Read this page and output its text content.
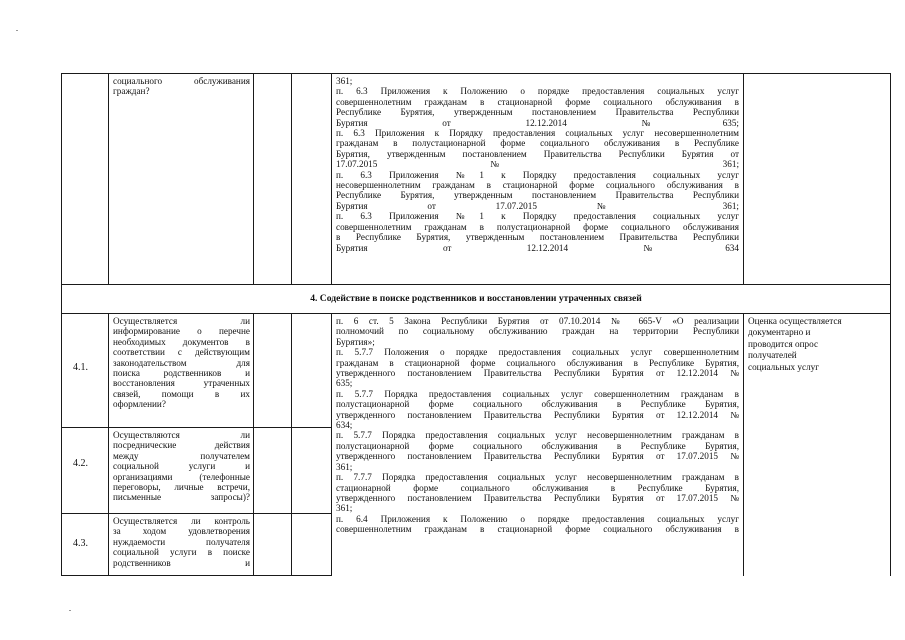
социального обслуживания
граждан?
361;
п. 6.3 Приложения к Положению о порядке предоставления социальных услуг
совершеннолетним гражданам в стационарной форме социального обслуживания в
Республике Бурятия, утвержденным постановлением Правительства Республики
Бурятия от 12.12.2014 №635;
п. 6.3 Приложения к Порядку предоставления социальных услуг несовершеннолетним
гражданам в полустационарной форме социального обслуживания в Республике
Бурятия, утвержденным постановлением Правительства Республики Бурятия от
17.07.2015 № 361;
п. 6.3 Приложения №1 к Порядку предоставления социальных услуг
несовершеннолетним гражданам в стационарной форме социального обслуживания в
Республике Бурятия, утвержденным постановлением Правительства Республики
Бурятия от 17.07.2015 № 361;
п. 6.3 Приложения №1 к Порядку предоставления социальных услуг
совершеннолетним гражданам в полустационарной форме социального обслуживания
в Республике Бурятия, утвержденным постановлением Правительства Республики
Бурятия от 12.12.2014 №634
4. Содействие в поиске родственников и восстановлении утраченных связей
4.1.
4.2.
4.3.
Осуществляется ли
информирование о перечне
необходимых документов в
соответствии с действующим
законодательством для
поиска родственников и
восстановления утраченных
связей, помощи в их
оформлении?
Осуществляются ли
посреднические действия
между получателем
социальной услуги и
организациями (телефонные
переговоры, личные встречи,
письменные запросы)?
Осуществляется ли контроль
за ходом удовлетворения
нуждаемости получателя
социальной услуги в поиске
родственников и
п. 6 ст. 5 Закона Республики Бурятия от 07.10.2014 № 665-V «О реализации
полномочий по социальному обслуживанию граждан на территории Республики
Бурятия»;
п. 5.7.7 Положения о порядке предоставления социальных услуг совершеннолетним
гражданам в стационарной форме социального обслуживания в Республике Бурятия,
утвержденного постановлением Правительства Республики Бурятия от 12.12.2014 №
635;
п. 5.7.7 Порядка предоставления социальных услуг совершеннолетним гражданам в
полустационарной форме социального обслуживания в Республике Бурятия,
утвержденного постановлением Правительства Республики Бурятия от 12.12.2014 №
634;
п. 5.7.7 Порядка предоставления социальных услуг несовершеннолетним гражданам в
полустационарной форме социального обслуживания в Республике Бурятия,
утвержденного постановлением Правительства Республики Бурятия от 17.07.2015 №
361;
п. 7.7.7 Порядка предоставления социальных услуг несовершеннолетним гражданам в
стационарной форме социального обслуживания в Республике Бурятия,
утвержденного постановлением Правительства Республики Бурятия от 17.07.2015 №
361;
п. 6.4 Приложения к Положению о порядке предоставления социальных услуг
совершеннолетним гражданам в стационарной форме социального обслуживания в
Оценка осуществляется
документарно и
проводится опрос
получателей
социальных услуг
